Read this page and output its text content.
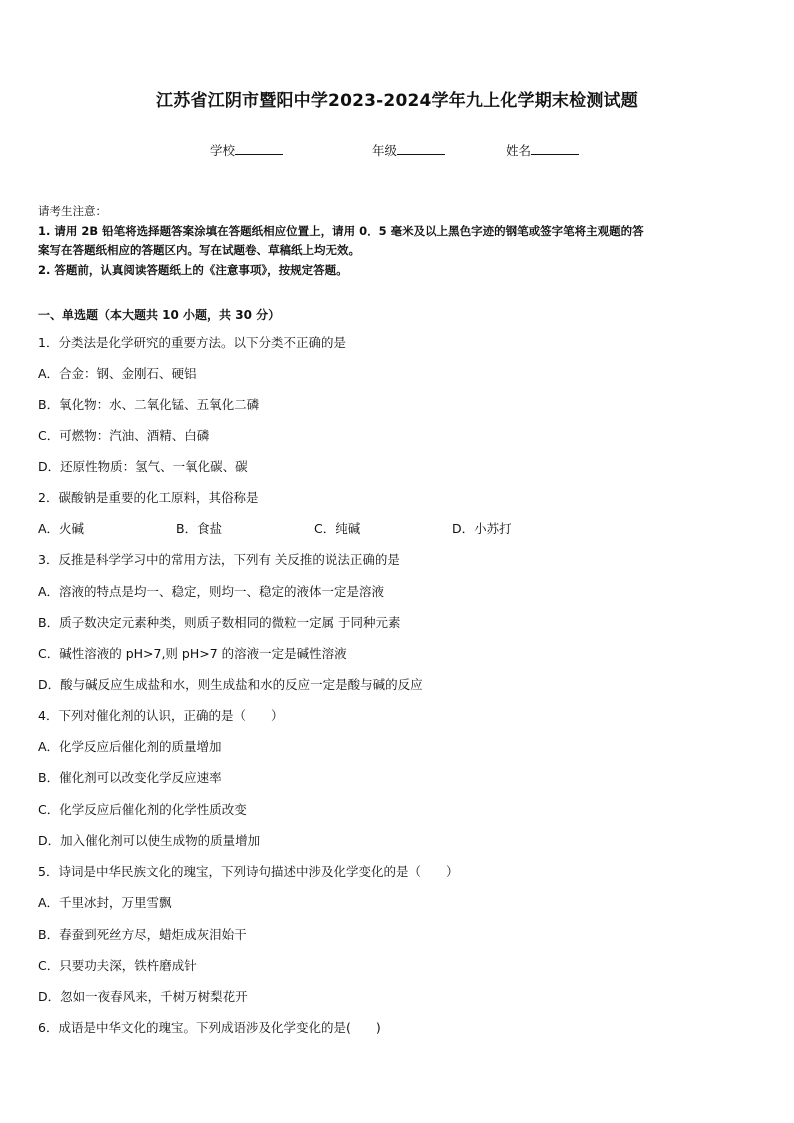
江苏省江阴市暨阳中学2023-2024学年九上化学期末检测试题
学校	年级	姓名
请考生注意：
1. 请用 2B 铅笔将选择题答案涂填在答题纸相应位置上，请用 0．5 毫米及以上黑色字迹的钢笔或签字笔将主观题的答
案写在答题纸相应的答题区内。写在试题卷、草稿纸上均无效。
2. 答题前，认真阅读答题纸上的《注意事项》，按规定答题。
一、单选题（本大题共 10 小题，共 30 分）
1．分类法是化学研究的重要方法。以下分类不正确的是
A．合金：钢、金刚石、硬铝
B．氧化物：水、二氧化锰、五氧化二磷
C．可燃物：汽油、酒精、白磷
D．还原性物质：氢气、一氧化碳、碳
2．碳酸钠是重要的化工原料，其俗称是
A．火碱	B．食盐	C．纯碱	D．小苏打
3．反推是科学学习中的常用方法，下列有 关反推的说法正确的是
A．溶液的特点是均一、稳定，则均一、稳定的液体一定是溶液
B．质子数决定元素种类，则质子数相同的微粒一定属 于同种元素
C．碱性溶液的 pH>7,则 pH>7 的溶液一定是碱性溶液
D．酸与碱反应生成盐和水，则生成盐和水的反应一定是酸与碱的反应
4．下列对催化剂的认识，正确的是（　　）
A．化学反应后催化剂的质量增加
B．催化剂可以改变化学反应速率
C．化学反应后催化剂的化学性质改变
D．加入催化剂可以使生成物的质量增加
5．诗词是中华民族文化的瑰宝，下列诗句描述中涉及化学变化的是（　　）
A．千里冰封，万里雪飘
B．春蚕到死丝方尽，蜡炬成灰泪始干
C．只要功夫深，铁杵磨成针
D．忽如一夜春风来，千树万树梨花开
6．成语是中华文化的瑰宝。下列成语涉及化学变化的是(　　)
